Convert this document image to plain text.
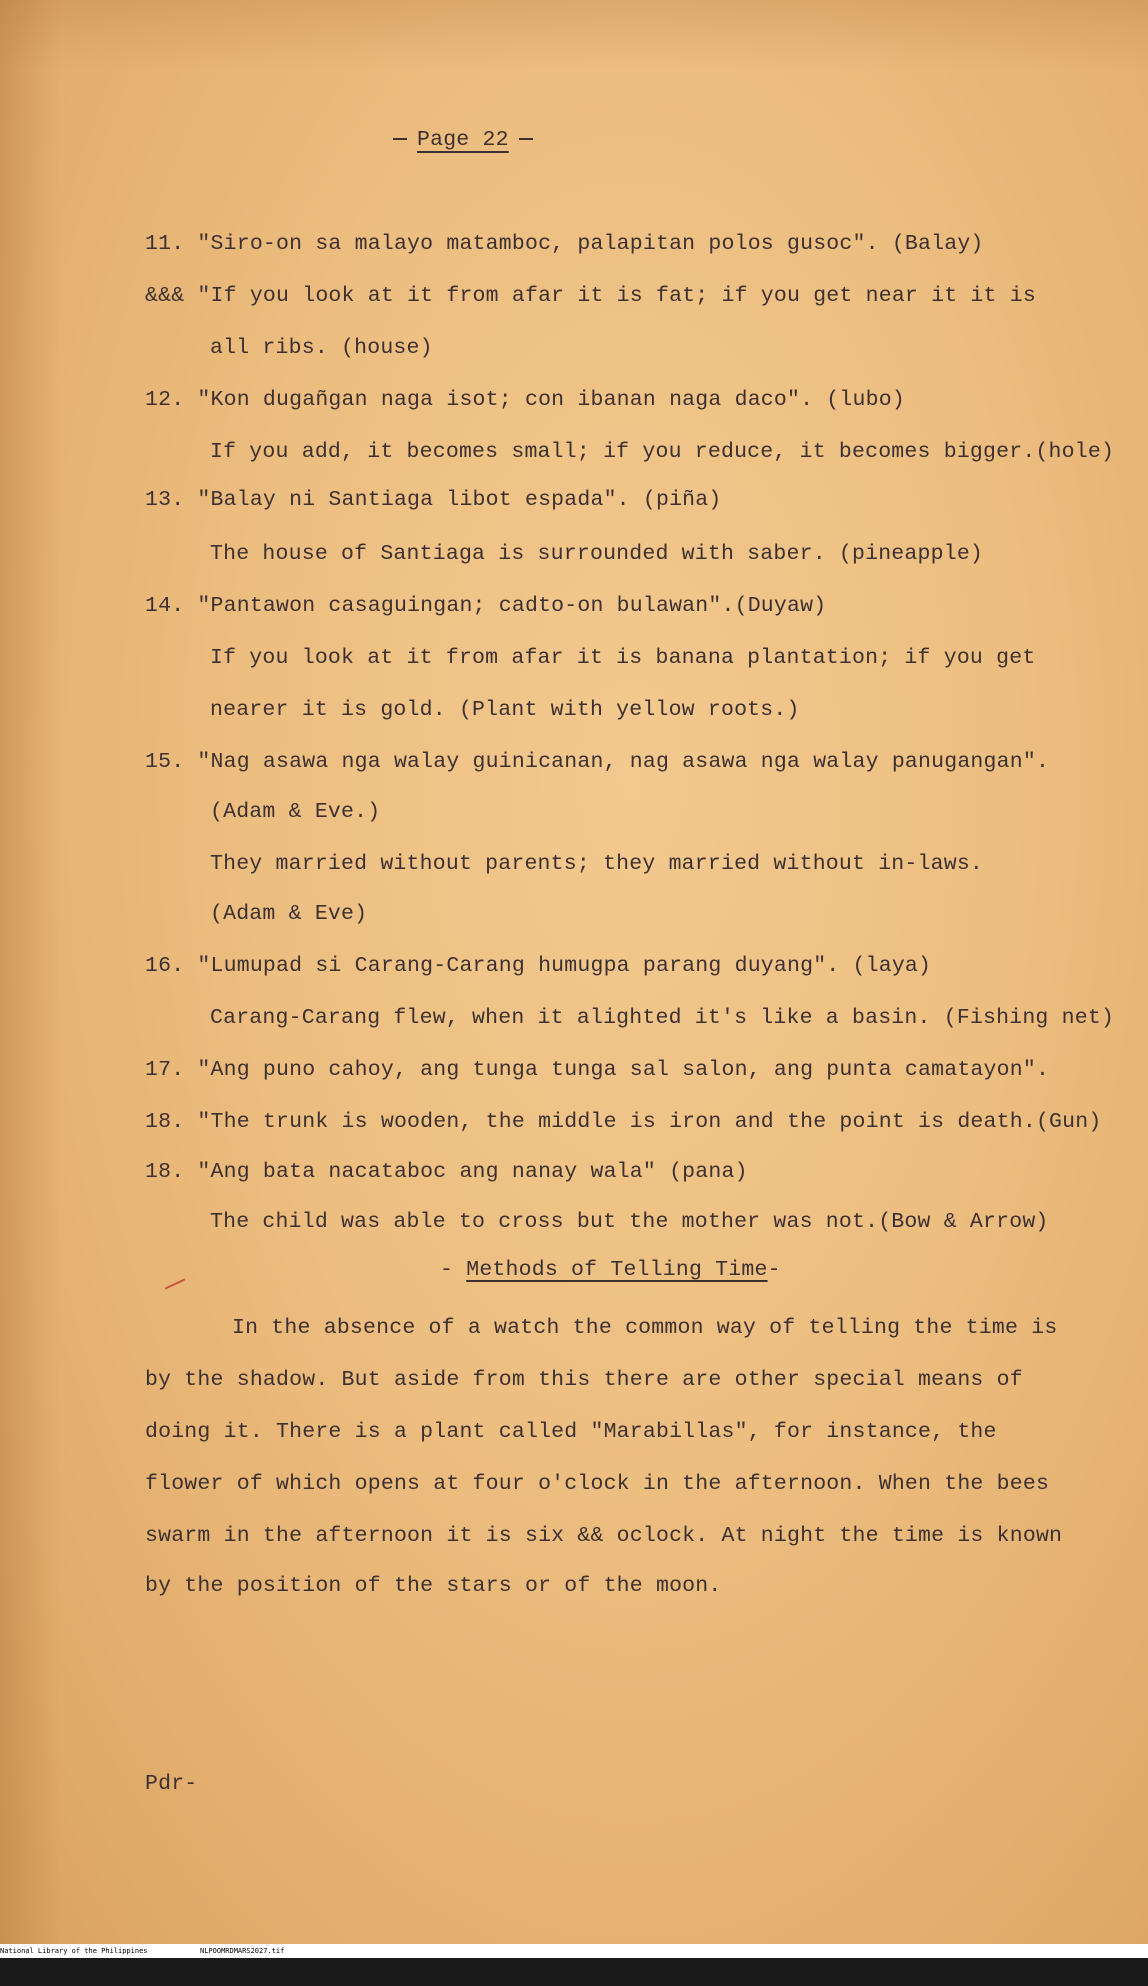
Page 22
11. "Siro-on sa malayo matamboc, palapitan polos gusoc". (Balay)
&&& "If you look at it from afar it is fat; if you get near it it is
all ribs. (house)
12. "Kon dugañgan naga isot; con ibanan naga daco". (lubo)
If you add, it becomes small; if you reduce, it becomes bigger.(hole)
13. "Balay ni Santiaga libot espada". (piña)
The house of Santiaga is surrounded with saber. (pineapple)
14. "Pantawon casaguingan; cadto-on bulawan".(Duyaw)
If you look at it from afar it is banana plantation; if you get
nearer it is gold. (Plant with yellow roots.)
15. "Nag asawa nga walay guinicanan, nag asawa nga walay panugangan".
(Adam & Eve.)
They married without parents; they married without in-laws.
(Adam & Eve)
16. "Lumupad si Carang-Carang humugpa parang duyang". (laya)
Carang-Carang flew, when it alighted it's like a basin. (Fishing net)
17. "Ang puno cahoy, ang tunga tunga sal salon, ang punta camatayon".
18. "The trunk is wooden, the middle is iron and the point is death.(Gun)
18. "Ang bata nacataboc ang nanay wala" (pana)
The child was able to cross but the mother was not.(Bow & Arrow)
- Methods of Telling Time-
In the absence of a watch the common way of telling the time is
by the shadow. But aside from this there are other special means of
doing it. There is a plant called "Marabillas", for instance, the
flower of which opens at four o'clock in the afternoon. When the bees
swarm in the afternoon it is six && oclock. At night the time is known
by the position of the stars or of the moon.
Pdr-

National Library of the Philippines

	NLPOOMRDMARS2027.tif
